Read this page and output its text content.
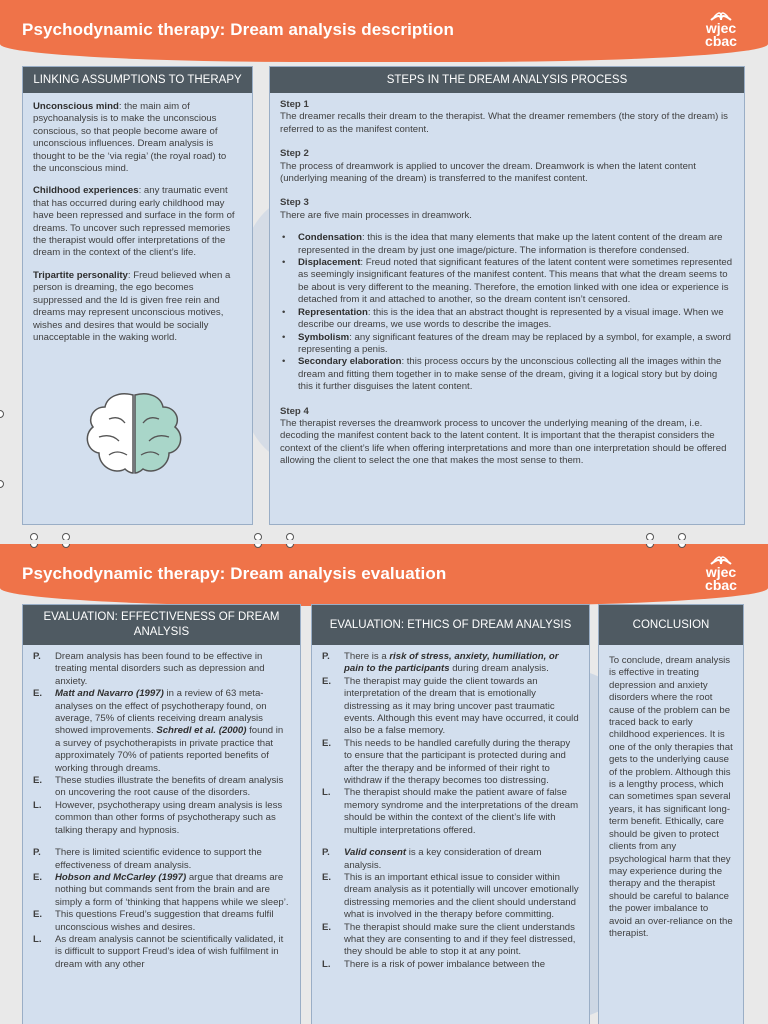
Psychodynamic therapy: Dream analysis description	wjec
cbac
LINKING ASSUMPTIONS TO THERAPY

Unconscious mind: the main aim of psychoanalysis is to make the unconscious conscious, so that people become aware of unconscious influences. Dream analysis is thought to be the ‘via regia’ (the royal road) to the unconscious mind.

Childhood experiences: any traumatic event that has occurred during early childhood may have been repressed and surface in the form of dreams. To uncover such repressed memories the therapist would offer interpretations of the dream in the context of the client’s life.

Tripartite personality: Freud believed when a person is dreaming, the ego becomes suppressed and the Id is given free rein and dreams may represent unconscious motives, wishes and desires that would be socially unacceptable in the waking world.

STEPS IN THE DREAM ANALYSIS PROCESS
Step 1
The dreamer recalls their dream to the therapist. What the dreamer remembers (the story of the dream) is referred to as the manifest content.
Step 2
The process of dreamwork is applied to uncover the dream. Dreamwork is when the latent content (underlying meaning of the dream) is transferred to the manifest content.
Step 3
There are five main processes in dreamwork.
• Condensation: this is the idea that many elements that make up the latent content of the dream are represented in the dream by just one image/picture. The information is therefore condensed.
• Displacement: Freud noted that significant features of the latent content were sometimes represented as seemingly insignificant features of the manifest content. This means that what the dream seems to be about is very different to the meaning. Therefore, the emotion linked with one idea or experience is detached from it and attached to another, so the dream content isn’t censored.
• Representation: this is the idea that an abstract thought is represented by a visual image. When we describe our dreams, we use words to describe the images.
• Symbolism: any significant features of the dream may be replaced by a symbol, for example, a sword representing a penis.
• Secondary elaboration: this process occurs by the unconscious collecting all the images within the dream and fitting them together in to make sense of the dream, giving it a logical story but by doing this it further disguises the latent content.
Step 4
The therapist reverses the dreamwork process to uncover the underlying meaning of the dream, i.e. decoding the manifest content back to the latent content. It is important that the therapist considers the context of the client’s life when offering interpretations and more than one interpretation should be offered allowing the client to select the one that makes the most sense to them.
Psychodynamic therapy: Dream analysis evaluation	wjec
cbac
EVALUATION: EFFECTIVENESS OF DREAM ANALYSIS
P.	Dream analysis has been found to be effective in treating mental disorders such as depression and anxiety.
E.	Matt and Navarro (1997) in a review of 63 meta-analyses on the effect of psychotherapy found, on average, 75% of clients receiving dream analysis showed improvements. Schredl et al. (2000) found in a survey of psychotherapists in private practice that approximately 70% of patients reported benefits of working through dreams.
E.	These studies illustrate the benefits of dream analysis on uncovering the root cause of the disorders.
L.	However, psychotherapy using dream analysis is less common than other forms of psychotherapy such as talking therapy and hypnosis.
P.	There is limited scientific evidence to support the effectiveness of dream analysis.
E.	Hobson and McCarley (1997) argue that dreams are nothing but commands sent from the brain and are simply a form of ‘thinking that happens while we sleep’.
E.	This questions Freud’s suggestion that dreams fulfil unconscious wishes and desires.
L.	As dream analysis cannot be scientifically validated, it is difficult to support Freud’s idea of wish fulfilment in dream with any other
EVALUATION: ETHICS OF DREAM ANALYSIS
P.	There is a risk of stress, anxiety, humiliation, or pain to the participants during dream analysis.
E.	The therapist may guide the client towards an interpretation of the dream that is emotionally distressing as it may bring uncover past traumatic events. Although this event may have occurred, it could also be a false memory.
E.	This needs to be handled carefully during the therapy to ensure that the participant is protected during and after the therapy and be informed of their right to withdraw if the therapy becomes too distressing.
L.	The therapist should make the patient aware of false memory syndrome and the interpretations of the dream should be within the context of the client’s life with multiple interpretations offered.
P.	Valid consent is a key consideration of dream analysis.
E.	This is an important ethical issue to consider within dream analysis as it potentially will uncover emotionally distressing memories and the client should understand what is involved in the therapy before committing.
E.	The therapist should make sure the client understands what they are consenting to and if they feel distressed, they should be able to stop it at any point.
L.	There is a risk of power imbalance between the
CONCLUSION
To conclude, dream analysis is effective in treating depression and anxiety disorders where the root cause of the problem can be traced back to early childhood experiences. It is one of the only therapies that gets to the underlying cause of the problem. Although this is a lengthy process, which can sometimes span several years, it has significant long-term benefit. Ethically, care should be given to protect clients from any psychological harm that they may experience during the therapy and the therapist should be careful to balance the power imbalance to avoid an over-reliance on the therapist.
